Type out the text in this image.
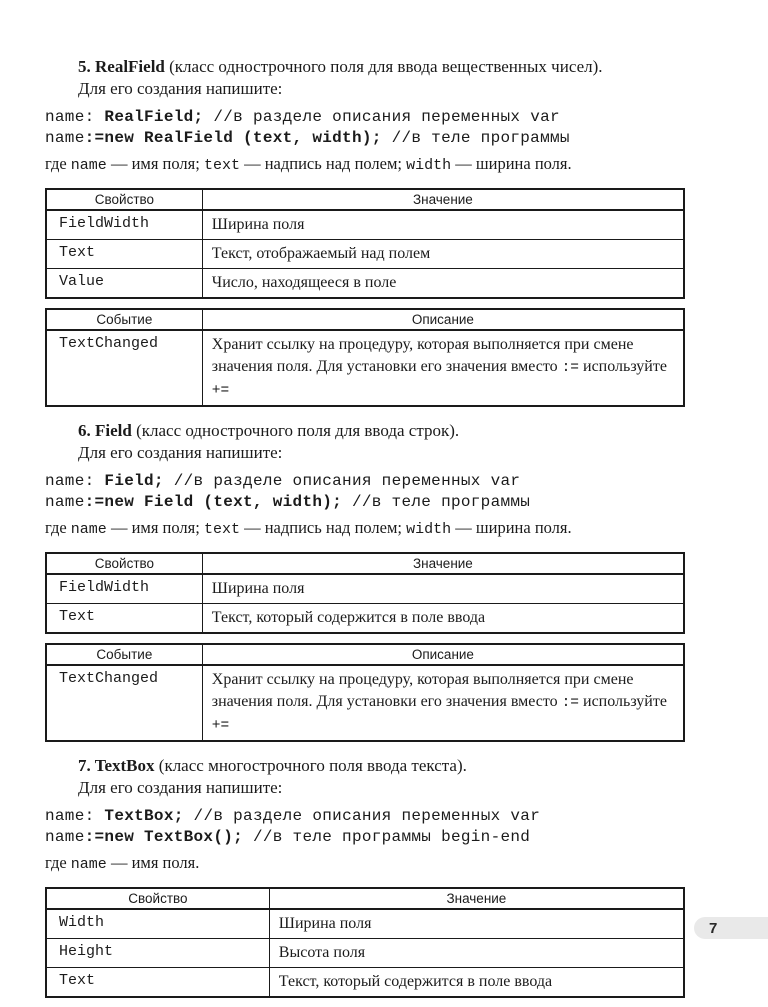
5. RealField (класс однострочного поля для ввода вещественных чисел).

Для его создания напишите:

name: RealField; //в разделе описания переменных var
name:=new RealField (text, width); //в теле программы

где name — имя поля; text — надпись над полем; width — ширина поля.

Свойство	Значение
FieldWidth	Ширина поля
Text	Текст, отображаемый над полем
Value	Число, находящееся в поле
Событие	Описание
TextChanged	Хранит ссылку на процедуру, которая выполняется при смене значения поля. Для установки его значения вместо := используйте +=

6. Field (класс однострочного поля для ввода строк).

Для его создания напишите:

name: Field; //в разделе описания переменных var
name:=new Field (text, width); //в теле программы

где name — имя поля; text — надпись над полем; width — ширина поля.

Свойство	Значение
FieldWidth	Ширина поля
Text	Текст, который содержится в поле ввода
Событие	Описание
TextChanged	Хранит ссылку на процедуру, которая выполняется при смене значения поля. Для установки его значения вместо := используйте +=

7. TextBox (класс многострочного поля ввода текста).

Для его создания напишите:

name: TextBox; //в разделе описания переменных var
name:=new TextBox(); //в теле программы begin-end

где name — имя поля.

Свойство	Значение
Width	Ширина поля
Height	Высота поля
Text	Текст, который содержится в поле ввода
7
